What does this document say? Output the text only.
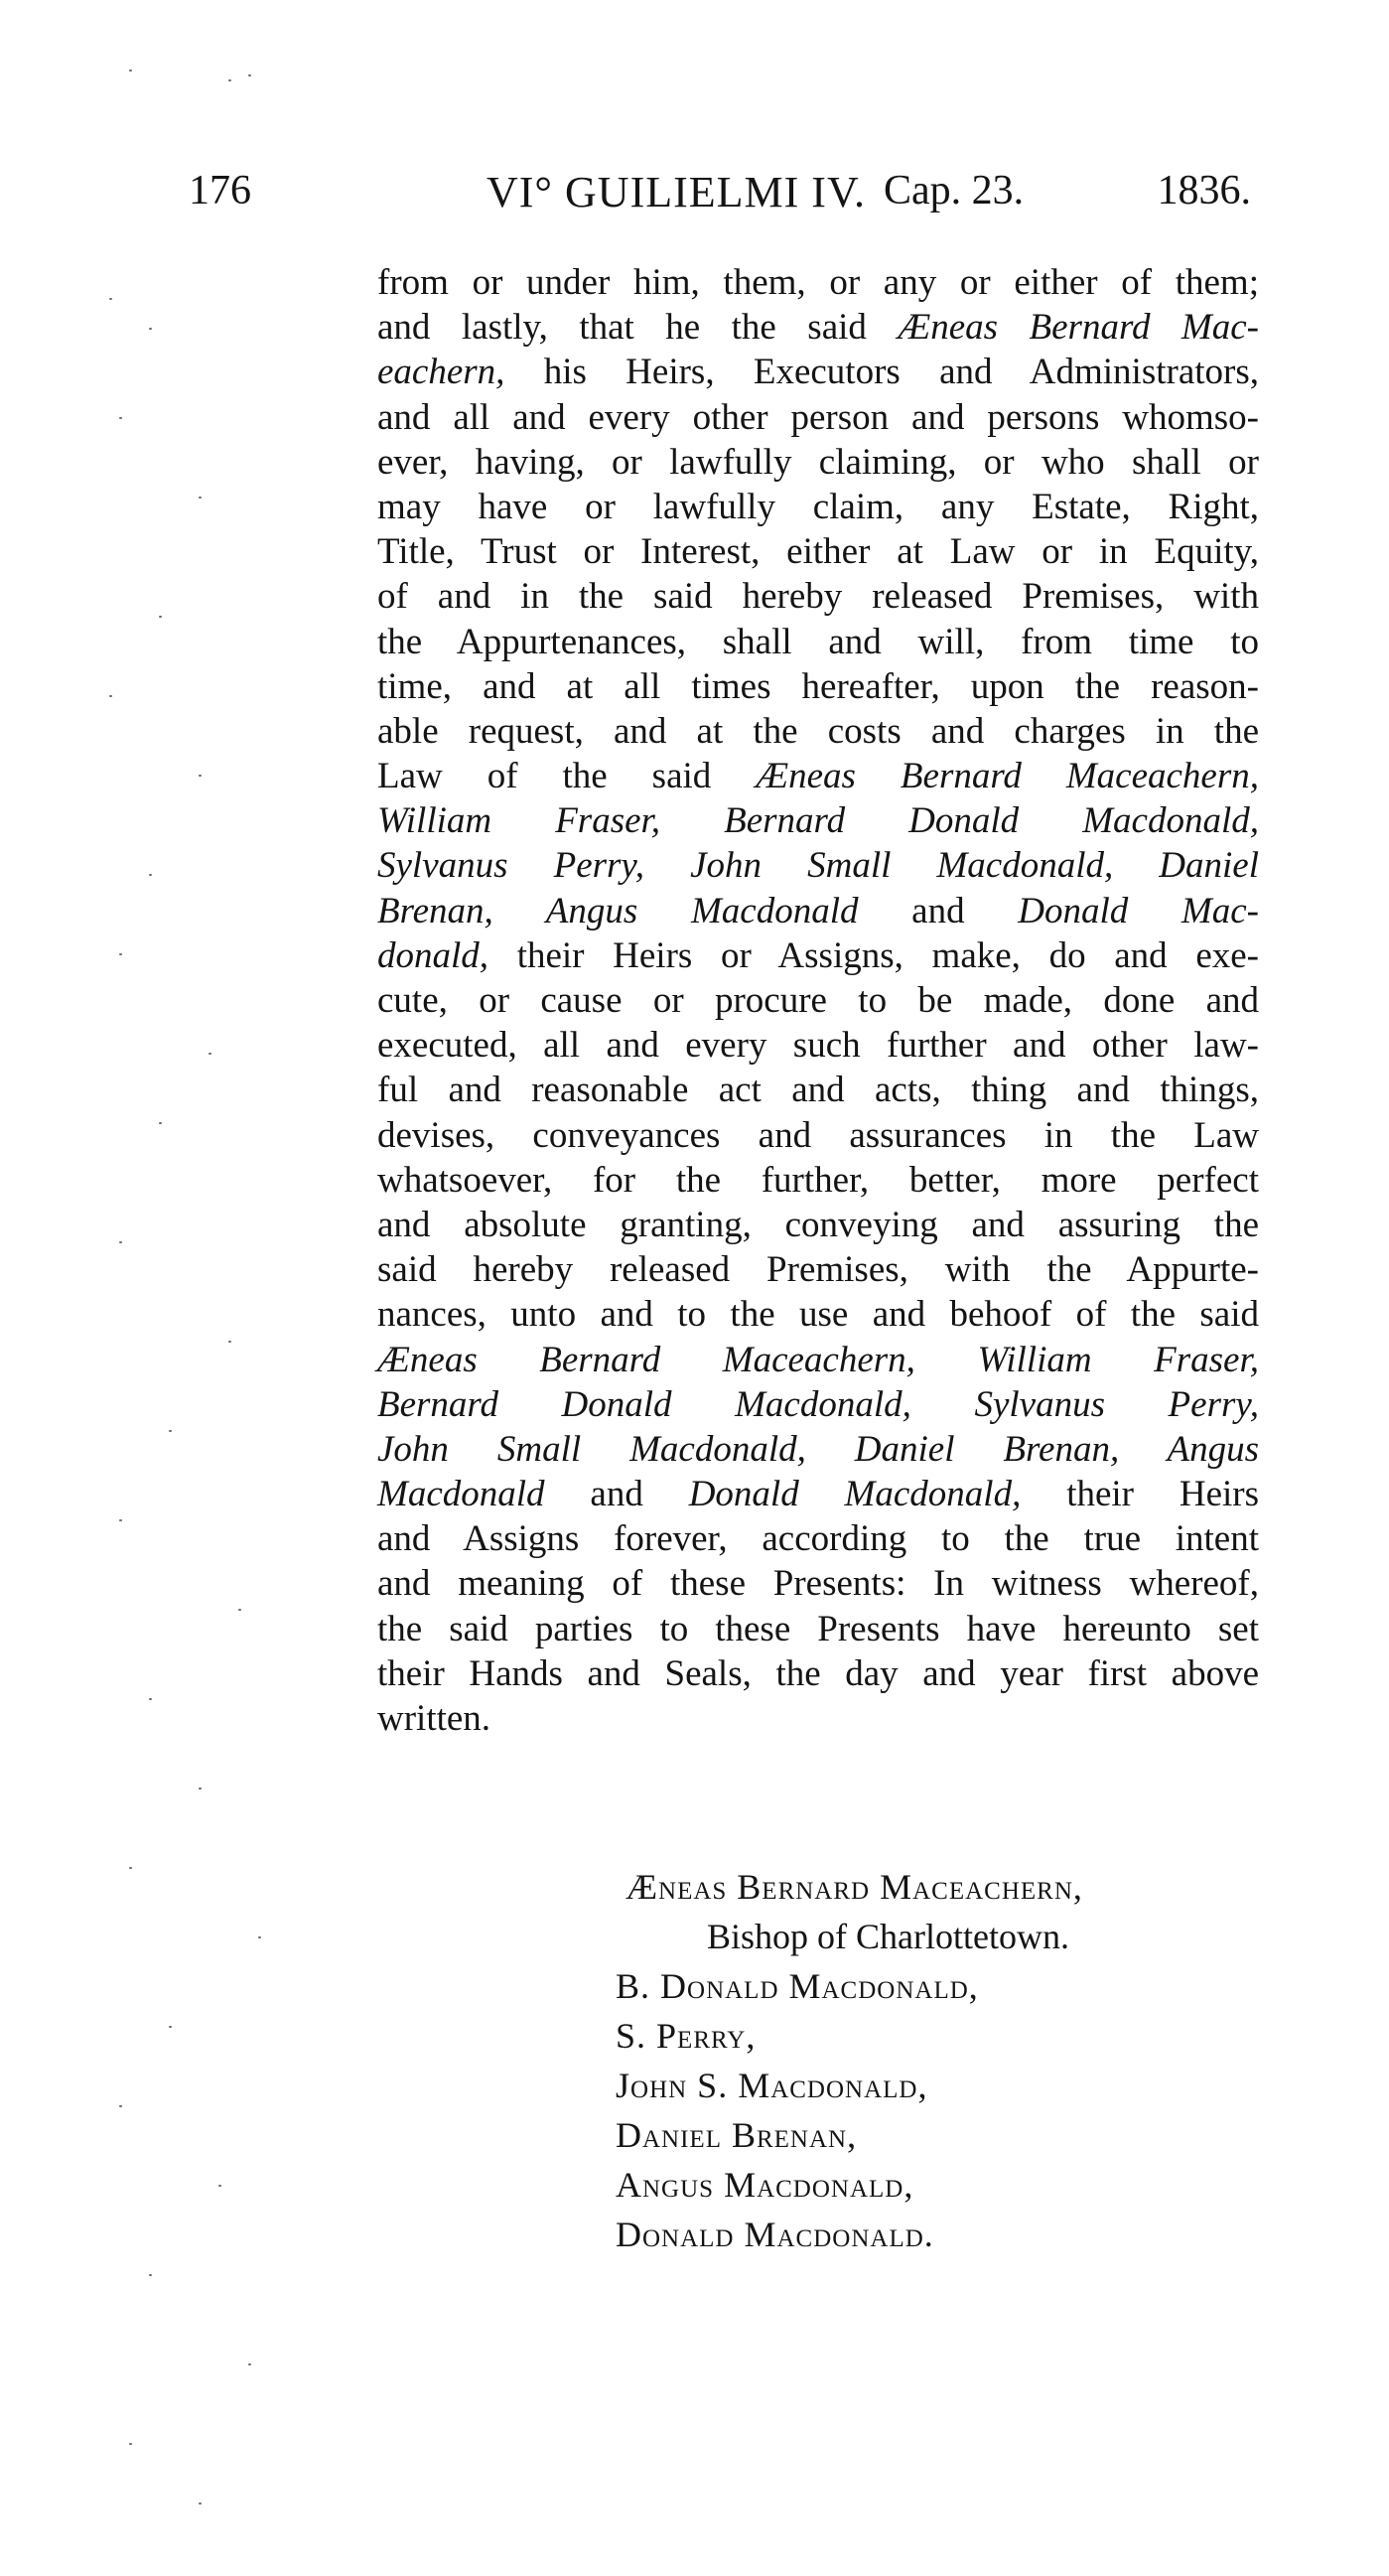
176	VI° GUILIELMI IV. Cap. 23.	1836.
from or under him, them, or any or either of them;
and lastly, that he the said Æneas Bernard Mac-
eachern, his Heirs, Executors and Administrators,
and all and every other person and persons whomso-
ever, having, or lawfully claiming, or who shall or
may have or lawfully claim, any Estate, Right,
Title, Trust or Interest, either at Law or in Equity,
of and in the said hereby released Premises, with
the Appurtenances, shall and will, from time to
time, and at all times hereafter, upon the reason-
able request, and at the costs and charges in the
Law of the said Æneas Bernard Maceachern,
William Fraser, Bernard Donald Macdonald,
Sylvanus Perry, John Small Macdonald, Daniel
Brenan, Angus Macdonald and Donald Mac-
donald, their Heirs or Assigns, make, do and exe-
cute, or cause or procure to be made, done and
executed, all and every such further and other law-
ful and reasonable act and acts, thing and things,
devises, conveyances and assurances in the Law
whatsoever, for the further, better, more perfect
and absolute granting, conveying and assuring the
said hereby released Premises, with the Appurte-
nances, unto and to the use and behoof of the said
Æneas Bernard Maceachern, William Fraser,
Bernard Donald Macdonald, Sylvanus Perry,
John Small Macdonald, Daniel Brenan, Angus
Macdonald and Donald Macdonald, their Heirs
and Assigns forever, according to the true intent
and meaning of these Presents: In witness whereof,
the said parties to these Presents have hereunto set
their Hands and Seals, the day and year first above
written.
Æneas Bernard Maceachern,
Bishop of Charlottetown.
B. Donald Macdonald,
S. Perry,
John S. Macdonald,
Daniel Brenan,
Angus Macdonald,
Donald Macdonald.
